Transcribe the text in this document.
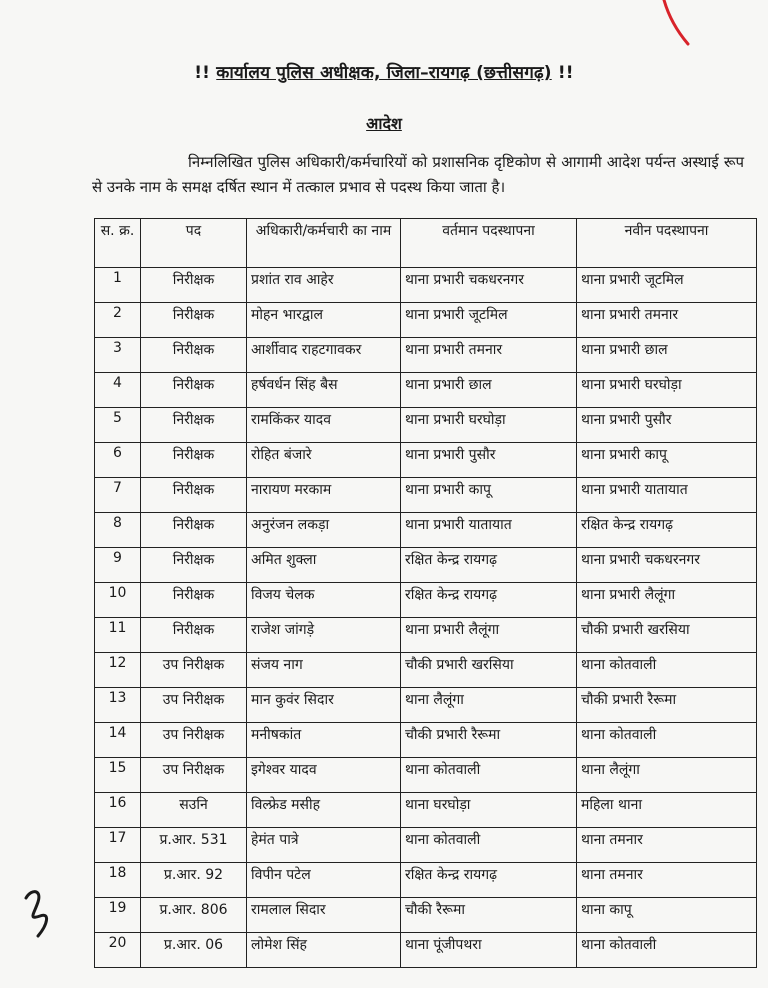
!! कार्यालय पुलिस अधीक्षक, जिला–रायगढ़ (छत्तीसगढ़) !!
आदेश
निम्नलिखित पुलिस अधिकारी/कर्मचारियों को प्रशासनिक दृष्टिकोण से आगामी आदेश पर्यन्त अस्थाई रूप से उनके नाम के समक्ष दर्षित स्थान में तत्काल प्रभाव से पदस्थ किया जाता है।
स. क्र.	पद	अधिकारी/कर्मचारी का नाम	वर्तमान पदस्थापना	नवीन पदस्थापना
1	निरीक्षक	प्रशांत राव आहेर	थाना प्रभारी चकधरनगर	थाना प्रभारी जूटमिल
2	निरीक्षक	मोहन भारद्वाल	थाना प्रभारी जूटमिल	थाना प्रभारी तमनार
3	निरीक्षक	आर्शीवाद राहटगावकर	थाना प्रभारी तमनार	थाना प्रभारी छाल
4	निरीक्षक	हर्षवर्धन सिंह बैस	थाना प्रभारी छाल	थाना प्रभारी घरघोड़ा
5	निरीक्षक	रामकिंकर यादव	थाना प्रभारी घरघोड़ा	थाना प्रभारी पुसौर
6	निरीक्षक	रोहित बंजारे	थाना प्रभारी पुसौर	थाना प्रभारी कापू
7	निरीक्षक	नारायण मरकाम	थाना प्रभारी कापू	थाना प्रभारी यातायात
8	निरीक्षक	अनुरंजन लकड़ा	थाना प्रभारी यातायात	रक्षित केन्द्र रायगढ़
9	निरीक्षक	अमित शुक्ला	रक्षित केन्द्र रायगढ़	थाना प्रभारी चकधरनगर
10	निरीक्षक	विजय चेलक	रक्षित केन्द्र रायगढ़	थाना प्रभारी लैलूंगा
11	निरीक्षक	राजेश जांगड़े	थाना प्रभारी लैलूंगा	चौकी प्रभारी खरसिया
12	उप निरीक्षक	संजय नाग	चौकी प्रभारी खरसिया	थाना कोतवाली
13	उप निरीक्षक	मान कुवंर सिदार	थाना लैलूंगा	चौकी प्रभारी रैरूमा
14	उप निरीक्षक	मनीषकांत	चौकी प्रभारी रैरूमा	थाना कोतवाली
15	उप निरीक्षक	इगेश्वर यादव	थाना कोतवाली	थाना लैलूंगा
16	सउनि	विल्फ्रेड मसीह	थाना घरघोड़ा	महिला थाना
17	प्र.आर. 531	हेमंत पात्रे	थाना कोतवाली	थाना तमनार
18	प्र.आर. 92	विपीन पटेल	रक्षित केन्द्र रायगढ़	थाना तमनार
19	प्र.आर. 806	रामलाल सिदार	चौकी रैरूमा	थाना कापू
20	प्र.आर. 06	लोमेश सिंह	थाना पूंजीपथरा	थाना कोतवाली
